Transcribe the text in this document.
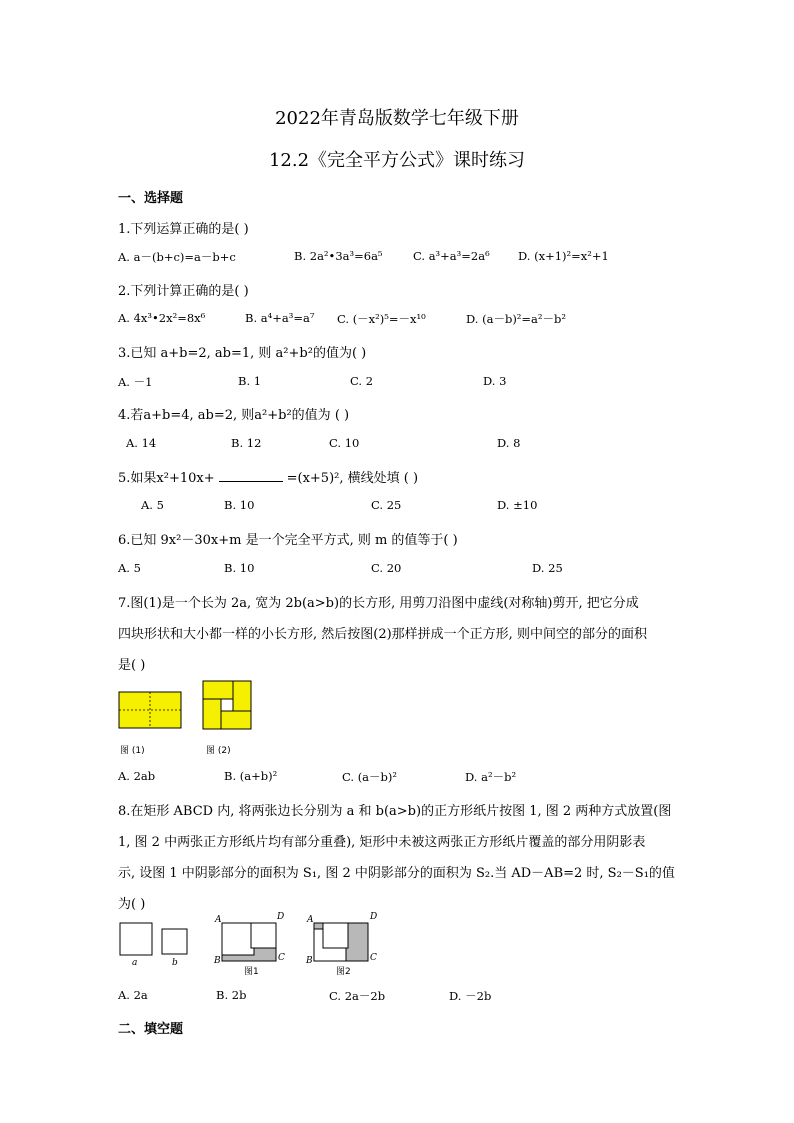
2022年青岛版数学七年级下册
12.2《完全平方公式》课时练习
一、选择题
1.下列运算正确的是( )
A. a－(b+c)=a－b+c	B. 2a²•3a³=6a⁵	C. a³+a³=2a⁶ D. (x+1)²=x²+1
2.下列计算正确的是( )
A. 4x³•2x²=8x⁶	B. a⁴+a³=a⁷ C. (－x²)⁵=－x¹⁰	D. (a－b)²=a²－b²
3.已知 a+b=2, ab=1, 则 a²+b²的值为( )
A. －1	B. 1	C. 2	D. 3
4.若a+b=4, ab=2, 则a²+b²的值为 ( )
A. 14	B. 12	C. 10	D. 8
5.如果x²+10x+	=(x+5)², 横线处填 ( )
A. 5	B. 10	C. 25	D. ±10
6.已知 9x²－30x+m 是一个完全平方式, 则 m 的值等于( )
A. 5	B. 10	C. 20	D. 25
7.图(1)是一个长为 2a, 宽为 2b(a>b)的长方形, 用剪刀沿图中虚线(对称轴)剪开, 把它分成
四块形状和大小都一样的小长方形, 然后按图(2)那样拼成一个正方形, 则中间空的部分的面积
是( )
图 (1)	图 (2)
A. 2ab	B. (a+b)²	C. (a－b)²	D. a²－b²
8.在矩形 ABCD 内, 将两张边长分别为 a 和 b(a>b)的正方形纸片按图 1, 图 2 两种方式放置(图
1, 图 2 中两张正方形纸片均有部分重叠), 矩形中未被这两张正方形纸片覆盖的部分用阴影表
示, 设图 1 中阴影部分的面积为 S₁, 图 2 中阴影部分的面积为 S₂.当 AD－AB=2 时, S₂－S₁的值
为( )
a	b
A	D
B	C
图1
A	D
B	C
图2
A. 2a	B. 2b	C. 2a－2b	D. －2b
二、填空题
